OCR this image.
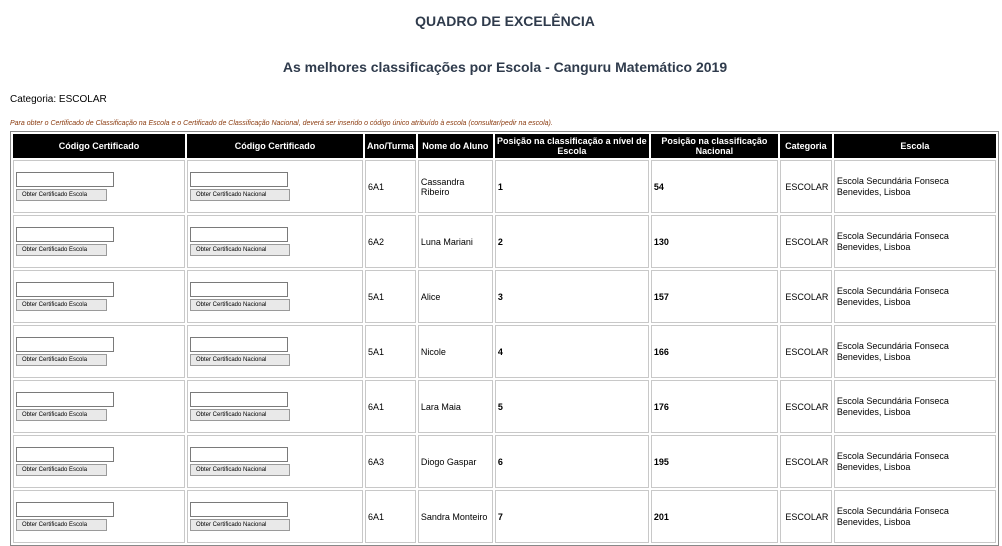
QUADRO DE EXCELÊNCIA
As melhores classificações por Escola - Canguru Matemático 2019
Categoria: ESCOLAR
Para obter o Certificado de Classificação na Escola e o Certificado de Classificação Nacional, deverá ser inserido o código único atribuído à escola (consultar/pedir na escola).
Código Certificado	Código Certificado	Ano/Turma	Nome do Aluno	Posição na classificação a nível de Escola	Posição na classificação Nacional	Categoria	Escola

Obter Certificado Escola	Obter Certificado Nacional	6A1	Cassandra Ribeiro	1	54	ESCOLAR	Escola Secundária Fonseca Benevides, Lisboa

Obter Certificado Escola	Obter Certificado Nacional	6A2	Luna Mariani	2	130	ESCOLAR	Escola Secundária Fonseca Benevides, Lisboa

Obter Certificado Escola	Obter Certificado Nacional	5A1	Alice	3	157	ESCOLAR	Escola Secundária Fonseca Benevides, Lisboa

Obter Certificado Escola	Obter Certificado Nacional	5A1	Nicole	4	166	ESCOLAR	Escola Secundária Fonseca Benevides, Lisboa

Obter Certificado Escola	Obter Certificado Nacional	6A1	Lara Maia	5	176	ESCOLAR	Escola Secundária Fonseca Benevides, Lisboa

Obter Certificado Escola	Obter Certificado Nacional	6A3	Diogo Gaspar	6	195	ESCOLAR	Escola Secundária Fonseca Benevides, Lisboa

Obter Certificado Escola	Obter Certificado Nacional	6A1	Sandra Monteiro	7	201	ESCOLAR	Escola Secundária Fonseca Benevides, Lisboa
